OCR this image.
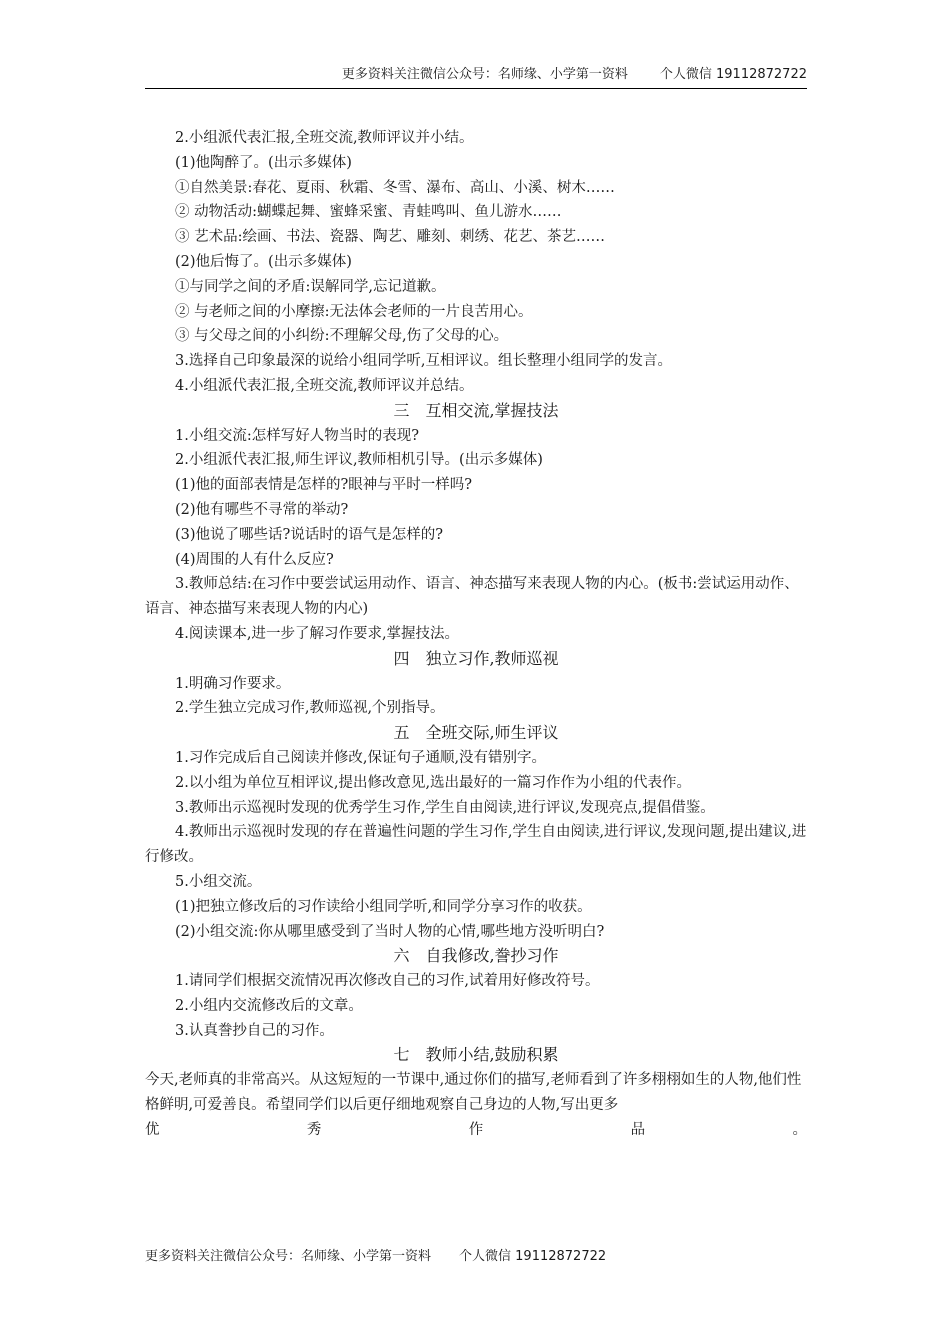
更多资料关注微信公众号：名师缘、小学第一资料 个人微信 19112872722
2.小组派代表汇报,全班交流,教师评议并小结。
(1)他陶醉了。(出示多媒体)
①自然美景:春花、夏雨、秋霜、冬雪、瀑布、高山、小溪、树木……
② 动物活动:蝴蝶起舞、蜜蜂采蜜、青蛙鸣叫、鱼儿游水……
③ 艺术品:绘画、书法、瓷器、陶艺、雕刻、刺绣、花艺、茶艺……
(2)他后悔了。(出示多媒体)
①与同学之间的矛盾:误解同学,忘记道歉。
② 与老师之间的小摩擦:无法体会老师的一片良苦用心。
③ 与父母之间的小纠纷:不理解父母,伤了父母的心。
3.选择自己印象最深的说给小组同学听,互相评议。组长整理小组同学的发言。
4.小组派代表汇报,全班交流,教师评议并总结。
三 互相交流,掌握技法
1.小组交流:怎样写好人物当时的表现?
2.小组派代表汇报,师生评议,教师相机引导。(出示多媒体)
(1)他的面部表情是怎样的?眼神与平时一样吗?
(2)他有哪些不寻常的举动?
(3)他说了哪些话?说话时的语气是怎样的?
(4)周围的人有什么反应?
3.教师总结:在习作中要尝试运用动作、语言、神态描写来表现人物的内心。(板书:尝试运用动作、语言、神态描写来表现人物的内心)
4.阅读课本,进一步了解习作要求,掌握技法。
四 独立习作,教师巡视
1.明确习作要求。
2.学生独立完成习作,教师巡视,个别指导。
五 全班交际,师生评议
1.习作完成后自己阅读并修改,保证句子通顺,没有错别字。
2.以小组为单位互相评议,提出修改意见,选出最好的一篇习作作为小组的代表作。
3.教师出示巡视时发现的优秀学生习作,学生自由阅读,进行评议,发现亮点,提倡借鉴。
4.教师出示巡视时发现的存在普遍性问题的学生习作,学生自由阅读,进行评议,发现问题,提出建议,进行修改。
5.小组交流。
(1)把独立修改后的习作读给小组同学听,和同学分享习作的收获。
(2)小组交流:你从哪里感受到了当时人物的心情,哪些地方没听明白?
六 自我修改,誊抄习作
1.请同学们根据交流情况再次修改自己的习作,试着用好修改符号。
2.小组内交流修改后的文章。
3.认真誊抄自己的习作。
七 教师小结,鼓励积累
今天,老师真的非常高兴。从这短短的一节课中,通过你们的描写,老师看到了许多栩栩如生的人物,他们性格鲜明,可爱善良。希望同学们以后更仔细地观察自己身边的人物,写出更多
优	秀	作	品	。
更多资料关注微信公众号：名师缘、小学第一资料 个人微信 19112872722
